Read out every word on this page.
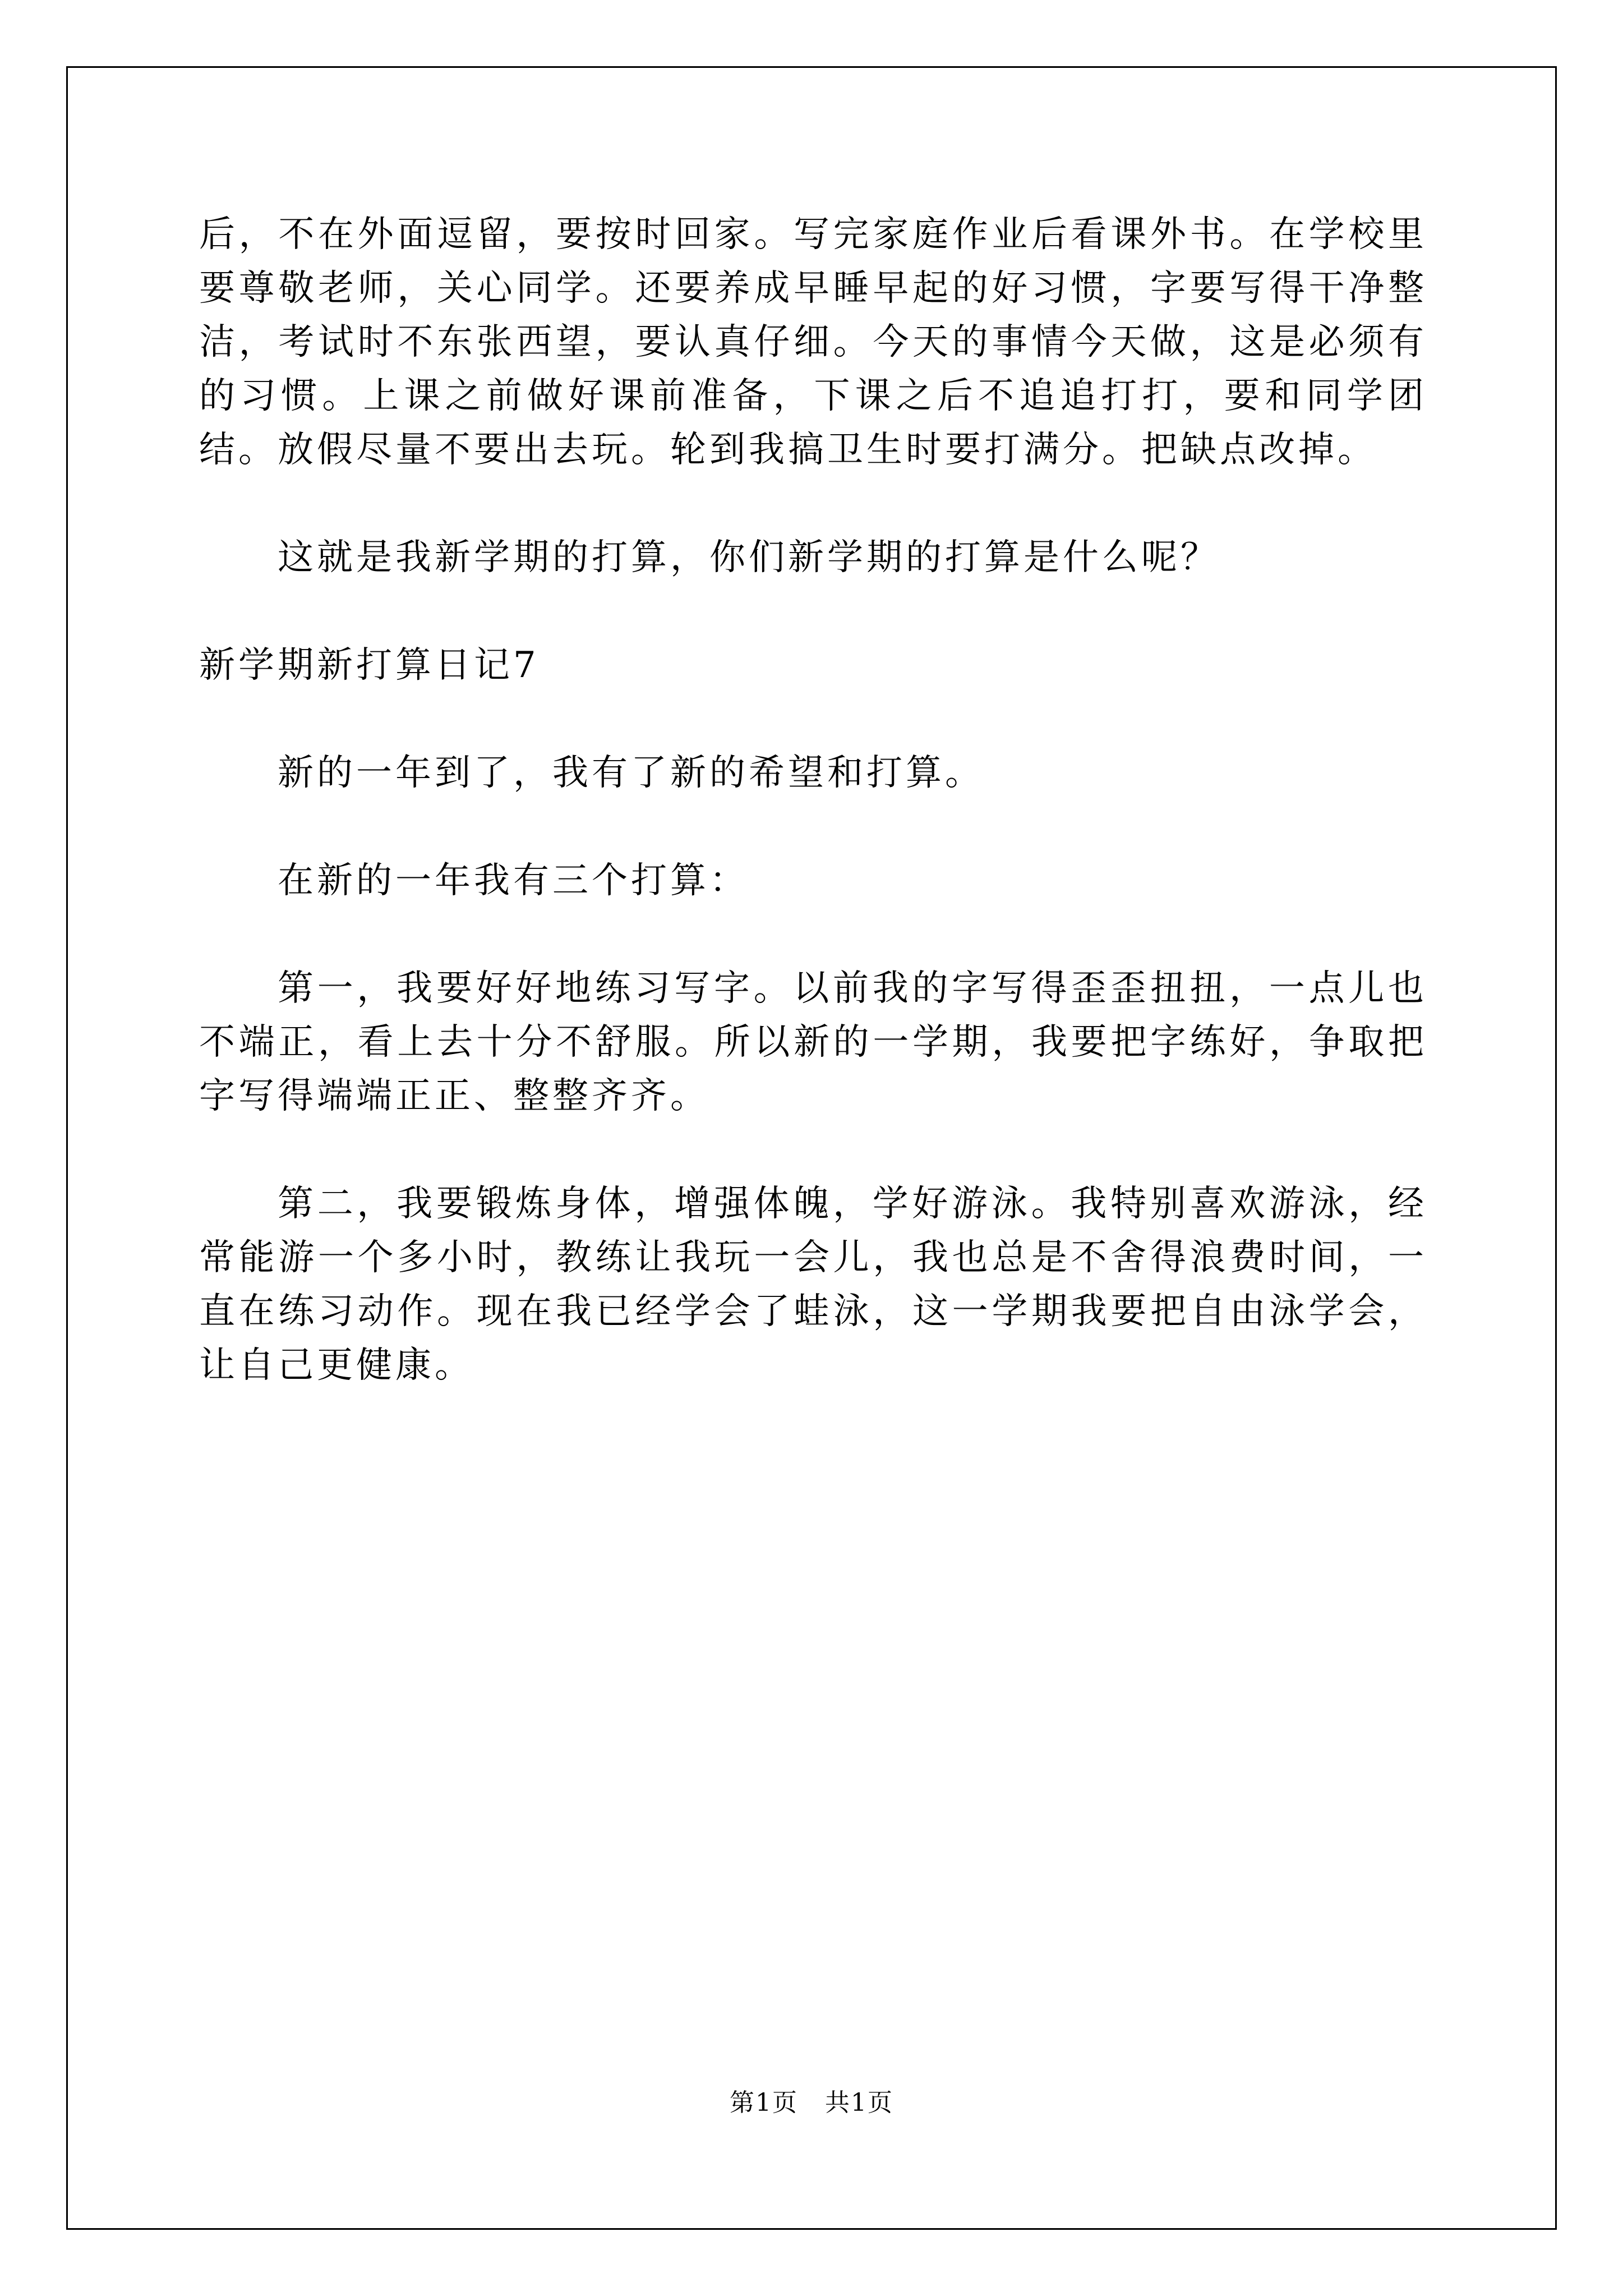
后，不在外面逗留，要按时回家。写完家庭作业后看课外书。在学校里要尊敬老师，关心同学。还要养成早睡早起的好习惯，字要写得干净整洁，考试时不东张西望，要认真仔细。今天的事情今天做，这是必须有的习惯。上课之前做好课前准备，下课之后不追追打打，要和同学团结。放假尽量不要出去玩。轮到我搞卫生时要打满分。把缺点改掉。

这就是我新学期的打算，你们新学期的打算是什么呢？

新学期新打算日记7

新的一年到了，我有了新的希望和打算。

在新的一年我有三个打算：

第一，我要好好地练习写字。以前我的字写得歪歪扭扭，一点儿也不端正，看上去十分不舒服。所以新的一学期，我要把字练好，争取把字写得端端正正、整整齐齐。

第二，我要锻炼身体，增强体魄，学好游泳。我特别喜欢游泳，经常能游一个多小时，教练让我玩一会儿，我也总是不舍得浪费时间，一直在练习动作。现在我已经学会了蛙泳，这一学期我要把自由泳学会，让自己更健康。

第1页   共1页
